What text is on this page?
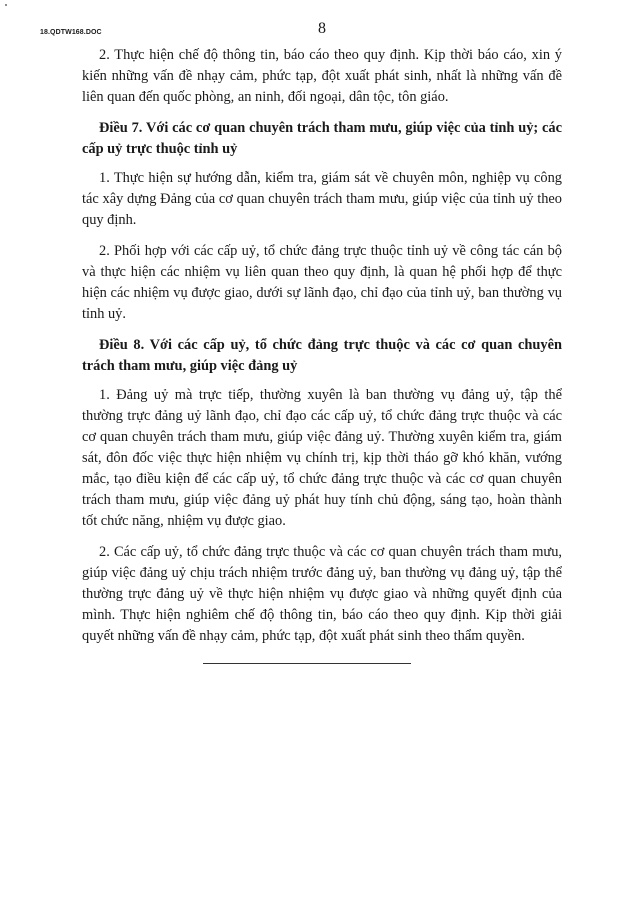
18.QDTW168.DOC	8

2. Thực hiện chế độ thông tin, báo cáo theo quy định. Kịp thời báo cáo, xin ý kiến những vấn đề nhạy cảm, phức tạp, đột xuất phát sinh, nhất là những vấn đề liên quan đến quốc phòng, an ninh, đối ngoại, dân tộc, tôn giáo.

Điều 7. Với các cơ quan chuyên trách tham mưu, giúp việc của tỉnh uỷ; các cấp uỷ trực thuộc tỉnh uỷ

1. Thực hiện sự hướng dẫn, kiểm tra, giám sát về chuyên môn, nghiệp vụ công tác xây dựng Đảng của cơ quan chuyên trách tham mưu, giúp việc của tỉnh uỷ theo quy định.

2. Phối hợp với các cấp uỷ, tổ chức đảng trực thuộc tỉnh uỷ về công tác cán bộ và thực hiện các nhiệm vụ liên quan theo quy định, là quan hệ phối hợp để thực hiện các nhiệm vụ được giao, dưới sự lãnh đạo, chỉ đạo của tỉnh uỷ, ban thường vụ tỉnh uỷ.

Điều 8. Với các cấp uỷ, tổ chức đảng trực thuộc và các cơ quan chuyên trách tham mưu, giúp việc đảng uỷ

1. Đảng uỷ mà trực tiếp, thường xuyên là ban thường vụ đảng uỷ, tập thể thường trực đảng uỷ lãnh đạo, chỉ đạo các cấp uỷ, tổ chức đảng trực thuộc và các cơ quan chuyên trách tham mưu, giúp việc đảng uỷ. Thường xuyên kiểm tra, giám sát, đôn đốc việc thực hiện nhiệm vụ chính trị, kịp thời tháo gỡ khó khăn, vướng mắc, tạo điều kiện để các cấp uỷ, tổ chức đảng trực thuộc và các cơ quan chuyên trách tham mưu, giúp việc đảng uỷ phát huy tính chủ động, sáng tạo, hoàn thành tốt chức năng, nhiệm vụ được giao.

2. Các cấp uỷ, tổ chức đảng trực thuộc và các cơ quan chuyên trách tham mưu, giúp việc đảng uỷ chịu trách nhiệm trước đảng uỷ, ban thường vụ đảng uỷ, tập thể thường trực đảng uỷ về thực hiện nhiệm vụ được giao và những quyết định của mình. Thực hiện nghiêm chế độ thông tin, báo cáo theo quy định. Kịp thời giải quyết những vấn đề nhạy cảm, phức tạp, đột xuất phát sinh theo thẩm quyền.
